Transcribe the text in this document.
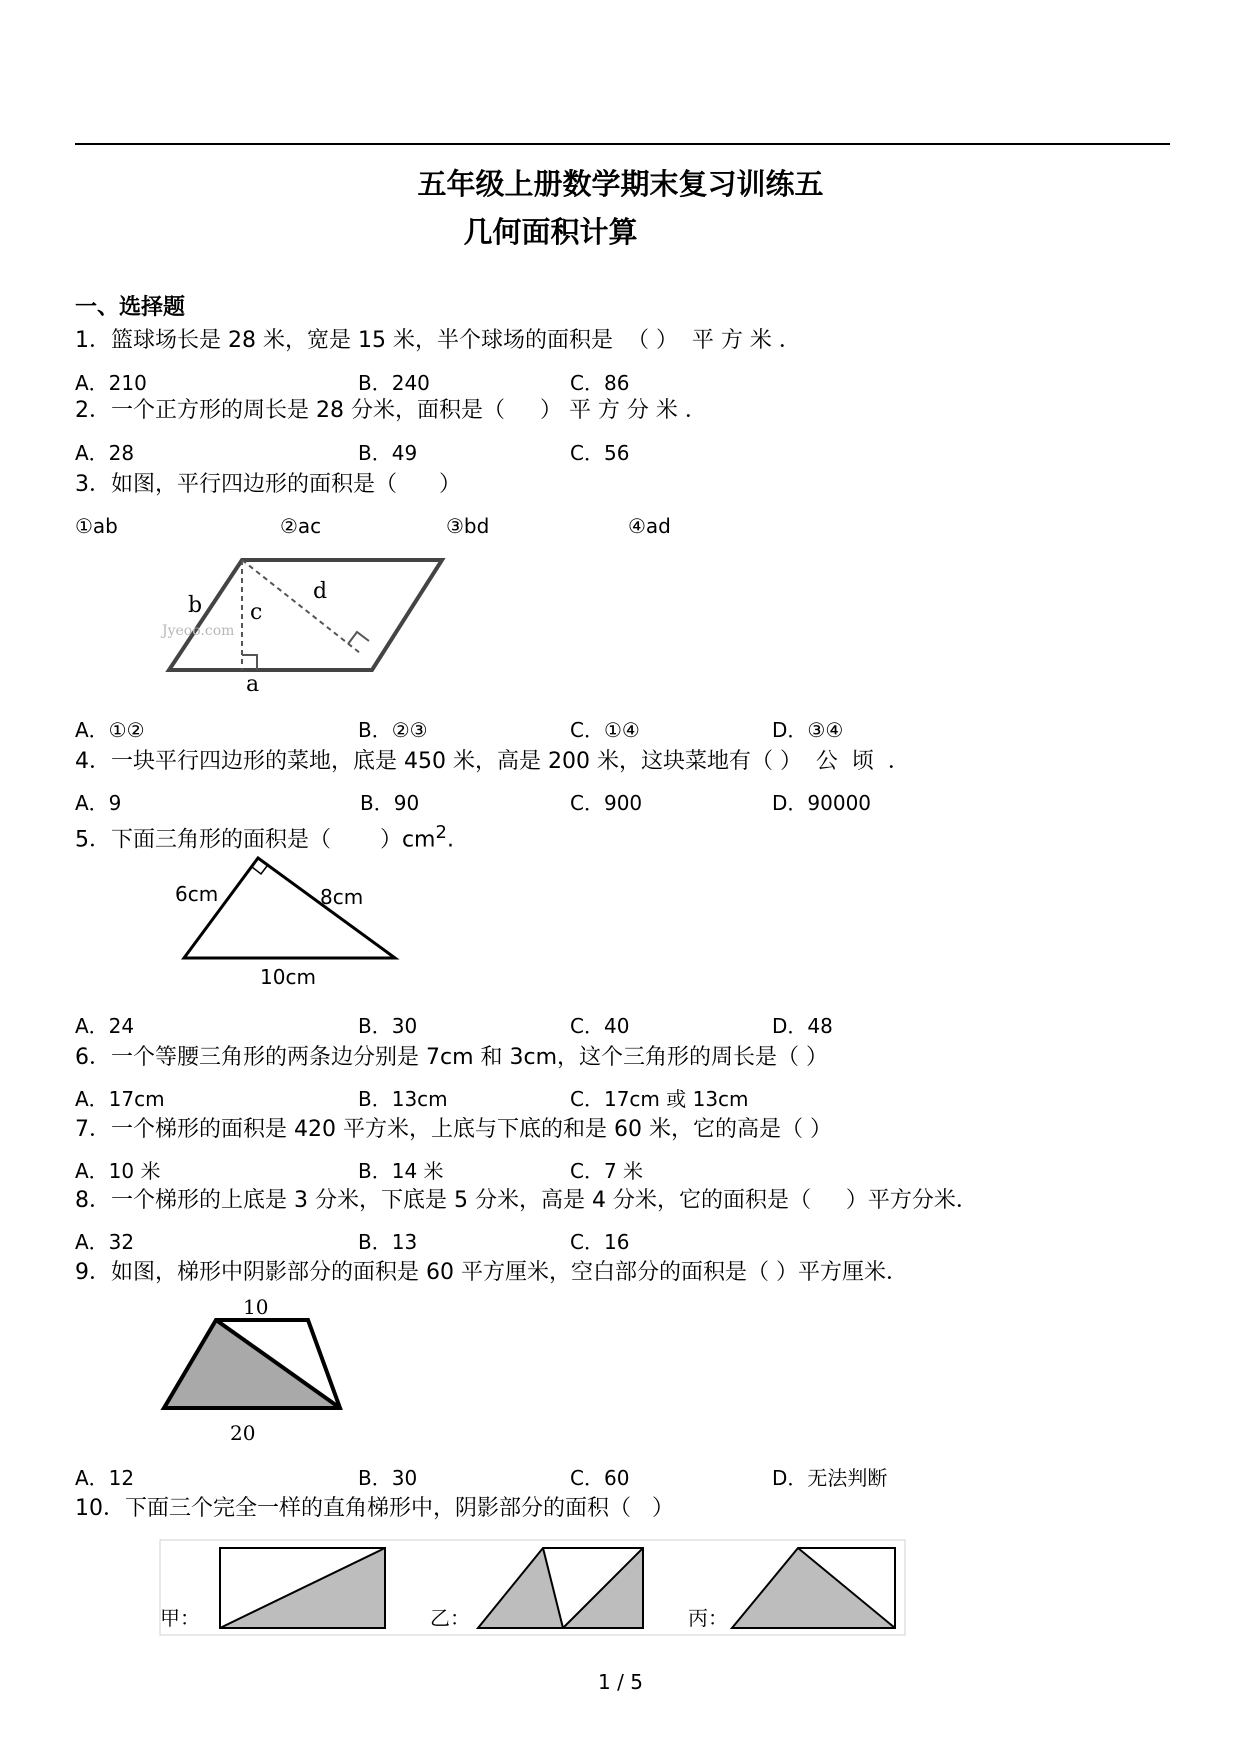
五年级上册数学期末复习训练五
几何面积计算
一、选择题
1．篮球场长是 28 米，宽是 15 米，半个球场的面积是  （ ）  平 方 米 ．
A．210	B．240	C．86
2．一个正方形的周长是 28 分米，面积是（     ） 平 方 分 米 ．
A．28	B．49	C．56
3．如图，平行四边形的面积是（      ）
①ab	②ac	③bd	④ad
b c
d
a
Jyeoo.com
A．①②	B．②③	C．①④	D．③④
4．一块平行四边形的菜地，底是 450 米，高是 200 米，这块菜地有（ ）  公  顷  ．
A．9	B．90	C．900	D．90000
5．下面三角形的面积是（       ）$cm^2$.
6cm	8cm
10cm
A．24	B．30	C．40	D．48
6．一个等腰三角形的两条边分别是 7cm 和 3cm，这个三角形的周长是（ ）
A．17cm	B．13cm	C．17cm 或 13cm
7．一个梯形的面积是 420 平方米，上底与下底的和是 60 米，它的高是（ ）
A．10 米	B．14 米	C．7 米
8．一个梯形的上底是 3 分米，下底是 5 分米，高是 4 分米，它的面积是（     ）平方分米．
A．32	B．13	C．16
9．如图，梯形中阴影部分的面积是 60 平方厘米，空白部分的面积是（ ）平方厘米．
10
20
A．12	B．30	C．60	D．无法判断
10．下面三个完全一样的直角梯形中，阴影部分的面积（   ）
甲：	乙：	丙：
1 / 5
